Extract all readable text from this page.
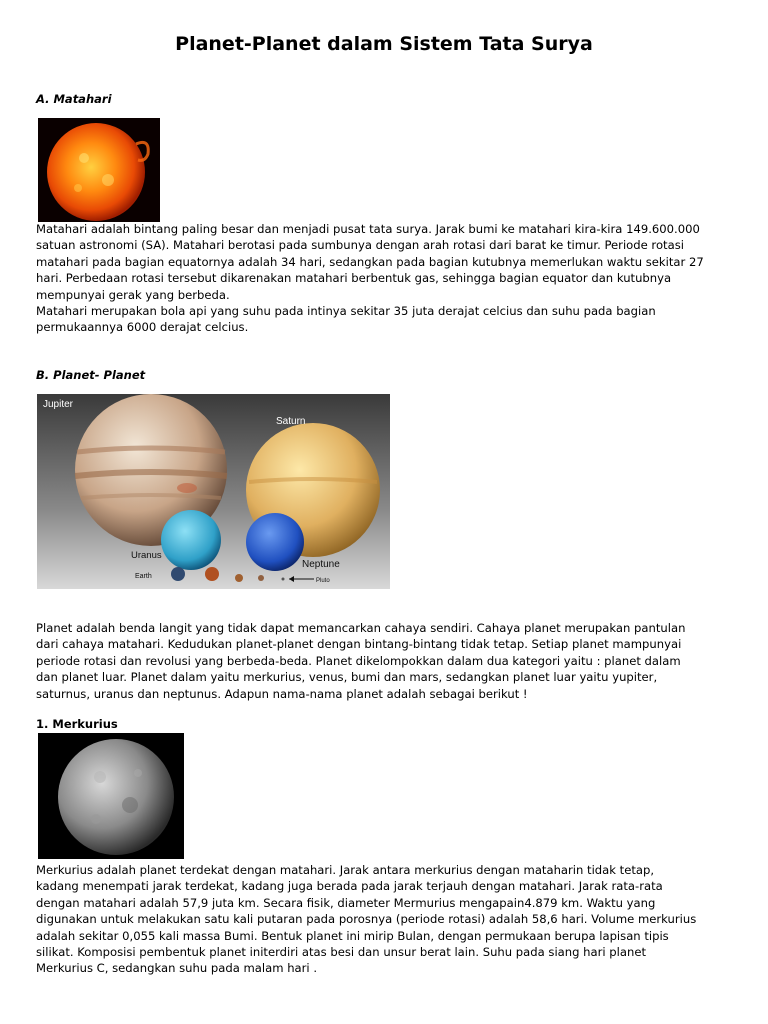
Planet-Planet dalam Sistem Tata Surya
A. Matahari
Matahari adalah bintang paling besar dan menjadi pusat tata surya. Jarak bumi ke matahari kira-kira 149.600.000
satuan astronomi (SA). Matahari berotasi pada sumbunya dengan arah rotasi dari barat ke timur. Periode rotasi
matahari pada bagian equatornya adalah 34 hari, sedangkan pada bagian kutubnya memerlukan waktu sekitar 27
hari. Perbedaan rotasi tersebut dikarenakan matahari berbentuk gas, sehingga bagian equator dan kutubnya
mempunyai gerak yang berbeda.
Matahari merupakan bola api yang suhu pada intinya sekitar 35 juta derajat celcius dan suhu pada bagian
permukaannya 6000 derajat celcius.
B. Planet- Planet
Jupiter
Saturn
Uranus
Neptune
Earth
Pluto
Planet adalah benda langit yang tidak dapat memancarkan cahaya sendiri. Cahaya planet merupakan pantulan
dari cahaya matahari. Kedudukan planet-planet dengan bintang-bintang tidak tetap. Setiap planet mampunyai
periode rotasi dan revolusi yang berbeda-beda. Planet dikelompokkan dalam dua kategori yaitu : planet dalam
dan planet luar. Planet dalam yaitu merkurius, venus, bumi dan mars, sedangkan planet luar yaitu yupiter,
saturnus, uranus dan neptunus. Adapun nama-nama planet adalah sebagai berikut !
1. Merkurius
Merkurius adalah planet terdekat dengan matahari. Jarak antara merkurius dengan mataharin tidak tetap,
kadang menempati jarak terdekat, kadang juga berada pada jarak terjauh dengan matahari. Jarak rata-rata
dengan matahari adalah 57,9 juta km. Secara fisik, diameter Mermurius mengapain4.879 km. Waktu yang
digunakan untuk melakukan satu kali putaran pada porosnya (periode rotasi) adalah 58,6 hari. Volume merkurius
adalah sekitar 0,055 kali massa Bumi. Bentuk planet ini mirip Bulan, dengan permukaan berupa lapisan tipis
silikat. Komposisi pembentuk planet initerdiri atas besi dan unsur berat lain. Suhu pada siang hari planet
Merkurius C, sedangkan suhu pada malam hari .
